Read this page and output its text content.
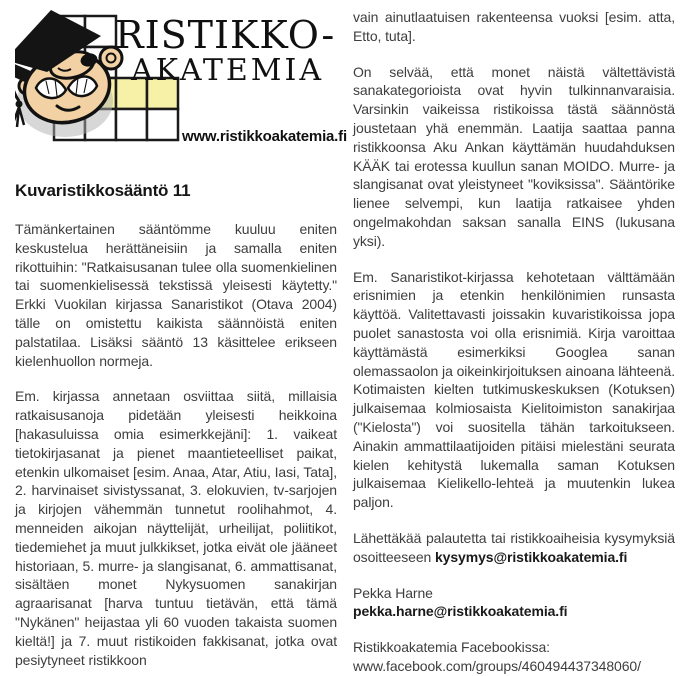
RISTIKKO-
AKATEMIA
www.ristikkoakatemia.fi
Kuvaristikkosääntö 11

Tämänkertainen sääntömme kuuluu eniten keskustelua herättäneisiin ja samalla eniten rikottuihin: "Ratkaisusanan tulee olla suomenkielinen tai suomenkielisessä tekstissä yleisesti käytetty." Erkki Vuokilan kirjassa Sanaristikot (Otava 2004) tälle on omistettu kaikista säännöistä eniten palstatilaa. Lisäksi sääntö 13 käsittelee erikseen kielenhuollon normeja.

Em. kirjassa annetaan osviittaa siitä, millaisia ratkaisusanoja pidetään yleisesti heikkoina [hakasuluissa omia esimerkkejäni]: 1. vaikeat tietokirjasanat ja pienet maantieteelliset paikat, etenkin ulkomaiset [esim. Anaa, Atar, Atiu, Iasi, Tata], 2. harvinaiset sivistyssanat, 3. elokuvien, tv-sarjojen ja kirjojen vähemmän tunnetut roolihahmot, 4. menneiden aikojan näyttelijät, urheilijat, poliitikot, tiedemiehet ja muut julkkikset, jotka eivät ole jääneet historiaan, 5. murre- ja slangisanat, 6. ammattisanat, sisältäen monet Nykysuomen sanakirjan agraarisanat [harva tuntuu tietävän, että tämä "Nykänen" heijastaa yli 60 vuoden takaista suomen kieltä!] ja 7. muut ristikoiden fakkisanat, jotka ovat pesiytyneet ristikkoon

vain ainutlaatuisen rakenteensa vuoksi [esim. atta, Etto, tuta].

On selvää, että monet näistä vältettävistä sanakategorioista ovat hyvin tulkinnanvaraisia. Varsinkin vaikeissa ristikoissa tästä säännöstä joustetaan yhä enemmän. Laatija saattaa panna ristikkoonsa Aku Ankan käyttämän huudahduksen KÄÄK tai erotessa kuullun sanan MOIDO. Murre- ja slangisanat ovat yleistyneet "koviksissa". Sääntörike lienee selvempi, kun laatija ratkaisee yhden ongelmakohdan saksan sanalla EINS (lukusana yksi).

Em. Sanaristikot-kirjassa kehotetaan välttämään erisnimien ja etenkin henkilönimien runsasta käyttöä. Valitettavasti joissakin kuvaristikoissa jopa puolet sanastosta voi olla erisnimiä. Kirja varoittaa käyttämästä esimerkiksi Googlea sanan olemassaolon ja oikeinkirjoituksen ainoana lähteenä. Kotimaisten kielten tutkimuskeskuksen (Kotuksen) julkaisemaa kolmiosaista Kielitoimiston sanakirjaa ("Kielosta") voi suositella tähän tarkoitukseen. Ainakin ammattilaatijoiden pitäisi mielestäni seurata kielen kehitystä lukemalla saman Kotuksen julkaisemaa Kielikello-lehteä ja muutenkin lukea paljon.

Lähettäkää palautetta tai ristikkoaiheisia kysymyksiä osoitteeseen kysymys@ristikkoakatemia.fi

Pekka Harne
pekka.harne@ristikkoakatemia.fi

Ristikkoakatemia Facebookissa:
www.facebook.com/groups/460494437348060/
